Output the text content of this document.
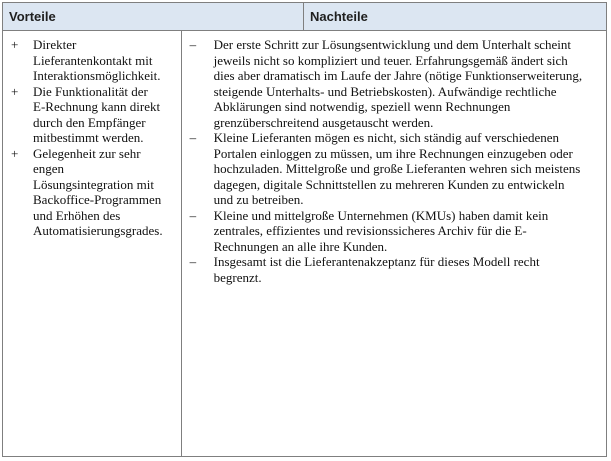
Vorteile	Nachteile
+	Direkter Lieferantenkontakt mit Interaktionsmöglichkeit.
+	Die Funktionalität der E-Rechnung kann direkt durch den Empfänger mitbestimmt werden.
+	Gelegenheit zur sehr engen Lösungsintegration mit Backoffice-Programmen und Erhöhen des Automatisierungsgrades.
–	Der erste Schritt zur Lösungsentwicklung und dem Unterhalt scheint jeweils nicht so kompliziert und teuer. Erfahrungsgemäß ändert sich dies aber dramatisch im Laufe der Jahre (nötige Funktionserweiterung, steigende Unterhalts- und Betriebskosten). Aufwändige rechtliche Abklärungen sind notwendig, speziell wenn Rechnungen grenzüberschreitend ausgetauscht werden.
–	Kleine Lieferanten mögen es nicht, sich ständig auf verschiedenen Portalen einloggen zu müssen, um ihre Rechnungen einzugeben oder hochzuladen. Mittelgroße und große Lieferanten wehren sich meistens dagegen, digitale Schnittstellen zu mehreren Kunden zu entwickeln und zu betreiben.
–	Kleine und mittelgroße Unternehmen (KMUs) haben damit kein zentrales, effizientes und revisionssicheres Archiv für die E-Rechnungen an alle ihre Kunden.
–	Insgesamt ist die Lieferantenakzeptanz für dieses Modell recht begrenzt.
